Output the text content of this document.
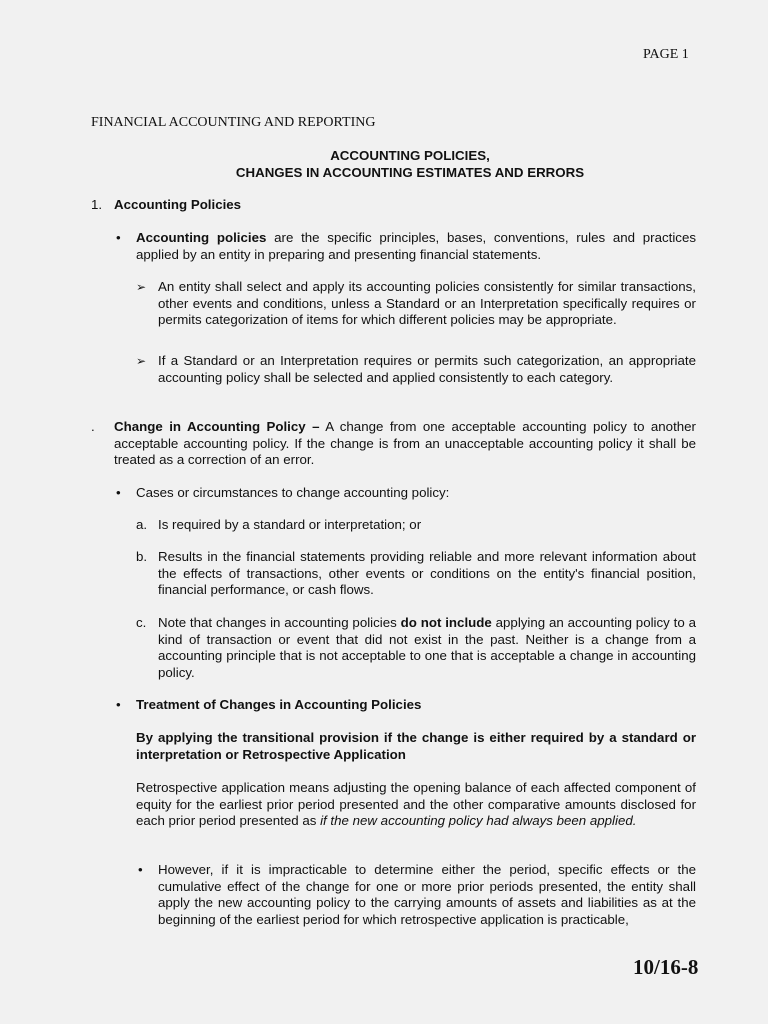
PAGE 1
FINANCIAL ACCOUNTING AND REPORTING
ACCOUNTING POLICIES,
CHANGES IN ACCOUNTING ESTIMATES AND ERRORS
1. Accounting Policies
• Accounting policies are the specific principles, bases, conventions, rules and practices applied by an entity in preparing and presenting financial statements.

➢ An entity shall select and apply its accounting policies consistently for similar transactions, other events and conditions, unless a Standard or an Interpretation specifically requires or permits categorization of items for which different policies may be appropriate.

➢ If a Standard or an Interpretation requires or permits such categorization, an appropriate accounting policy shall be selected and applied consistently to each category.

. Change in Accounting Policy – A change from one acceptable accounting policy to another acceptable accounting policy. If the change is from an unacceptable accounting policy it shall be treated as a correction of an error.

• Cases or circumstances to change accounting policy:

a. Is required by a standard or interpretation; or

b. Results in the financial statements providing reliable and more relevant information about the effects of transactions, other events or conditions on the entity's financial position, financial performance, or cash flows.

c. Note that changes in accounting policies do not include applying an accounting policy to a kind of transaction or event that did not exist in the past. Neither is a change from a accounting principle that is not acceptable to one that is acceptable a change in accounting policy.

• Treatment of Changes in Accounting Policies

By applying the transitional provision if the change is either required by a standard or interpretation or Retrospective Application

Retrospective application means adjusting the opening balance of each affected component of equity for the earliest prior period presented and the other comparative amounts disclosed for each prior period presented as if the new accounting policy had always been applied.

• However, if it is impracticable to determine either the period, specific effects or the cumulative effect of the change for one or more prior periods presented, the entity shall apply the new accounting policy to the carrying amounts of assets and liabilities as at the beginning of the earliest period for which retrospective application is practicable,

10/16-8
